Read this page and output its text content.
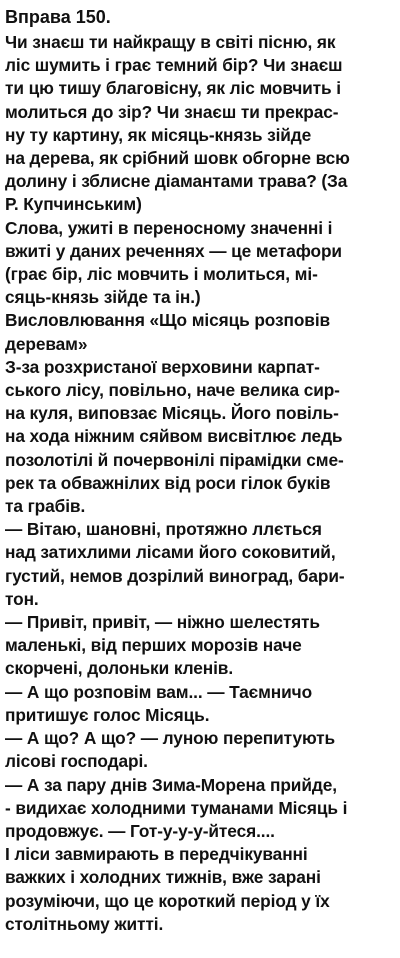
Вправа 150.
Чи знаєш ти найкращу в світі пісню, як
ліс шумить і грає темний бір? Чи знаєш
ти цю тишу благовісну, як ліс мовчить і
молиться до зір? Чи знаєш ти прекрас-
ну ту картину, як місяць-князь зійде
на дерева, як срібний шовк обгорне всю
долину і зблисне діамантами трава? (За
Р. Купчинським)
Слова, ужиті в переносному значенні і
вжиті у даних реченнях — це метафори
(грає бір, ліс мовчить і молиться, мі-
сяць-князь зійде та ін.)
Висловлювання «Що місяць розповів
деревам»
З-за розхристаної верховини карпат-
ського лісу, повільно, наче велика сир-
на куля, виповзає Місяць. Його повіль-
на хода ніжним сяйвом висвітлює ледь
позолотілі й почервонілі пірамідки сме-
рек та обважнілих від роси гілок буків
та грабів.
— Вітаю, шановні, протяжно ллється
над затихлими лісами його соковитий,
густий, немов дозрілий виноград, бари-
тон.
— Привіт, привіт, — ніжно шелестять
маленькі, від перших морозів наче
скорчені, долоньки кленів.
— А що розповім вам... — Таємничо
притишує голос Місяць.
— А що? А що? — луною перепитують
лісові господарі.
— А за пару днів Зима-Морена прийде,
- видихає холодними туманами Місяць і
продовжує. — Гот-у-у-у-йтеся....
І ліси завмирають в передчікуванні
важких і холодних тижнів, вже зарані
розуміючи, що це короткий період у їх
столітньому житті.
